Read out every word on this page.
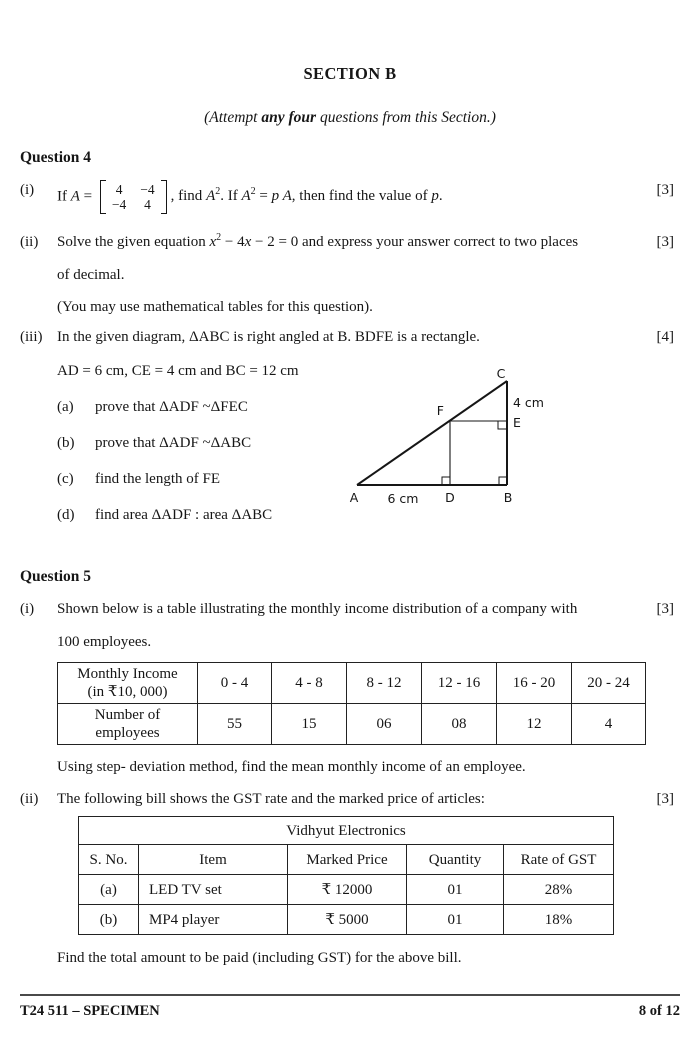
SECTION B
(Attempt any four questions from this Section.)
Question 4
(i)	If A = 4 −4
−4 4
, find $A^2$. If $A^2 = p$ A, then find the value of p.	[3]
(ii)	Solve the given equation $x^2 - 4x - 2 = 0$ and express your answer correct to two places
of decimal.
(You may use mathematical tables for this question).
[3]
(iii) In the given diagram, ΔABC is right angled at B. BDFE is a rectangle.	[4]
AD = 6 cm, CE = 4 cm and BC = 12 cm
(a)	prove that ΔADF ~ΔFEC
(b)	prove that ΔADF ~ΔABC
(c)	find the length of FE
(d)	find area ΔADF : area ΔABC
C
4 cm
E
F
A 6 cm D	B
Question 5
(i)	Shown below is a table illustrating the monthly income distribution of a company with
100 employees.
[3]
Monthly Income
(in ₹10, 000)	0 - 4	4 - 8	8 - 12	12 - 16	16 - 20	20 - 24

Number of
employees	55	15	06	08	12	4
Using step- deviation method, find the mean monthly income of an employee.
(ii)	The following bill shows the GST rate and the marked price of articles:	[3]
Vidhyut Electronics				
S. No.	Item	Marked Price	Quantity	Rate of GST
(a)	LED TV set	₹ 12000	01	28%
(b)	MP4 player	₹ 5000	01	18%
Find the total amount to be paid (including GST) for the above bill.
T24 511 – SPECIMEN	8 of 12
